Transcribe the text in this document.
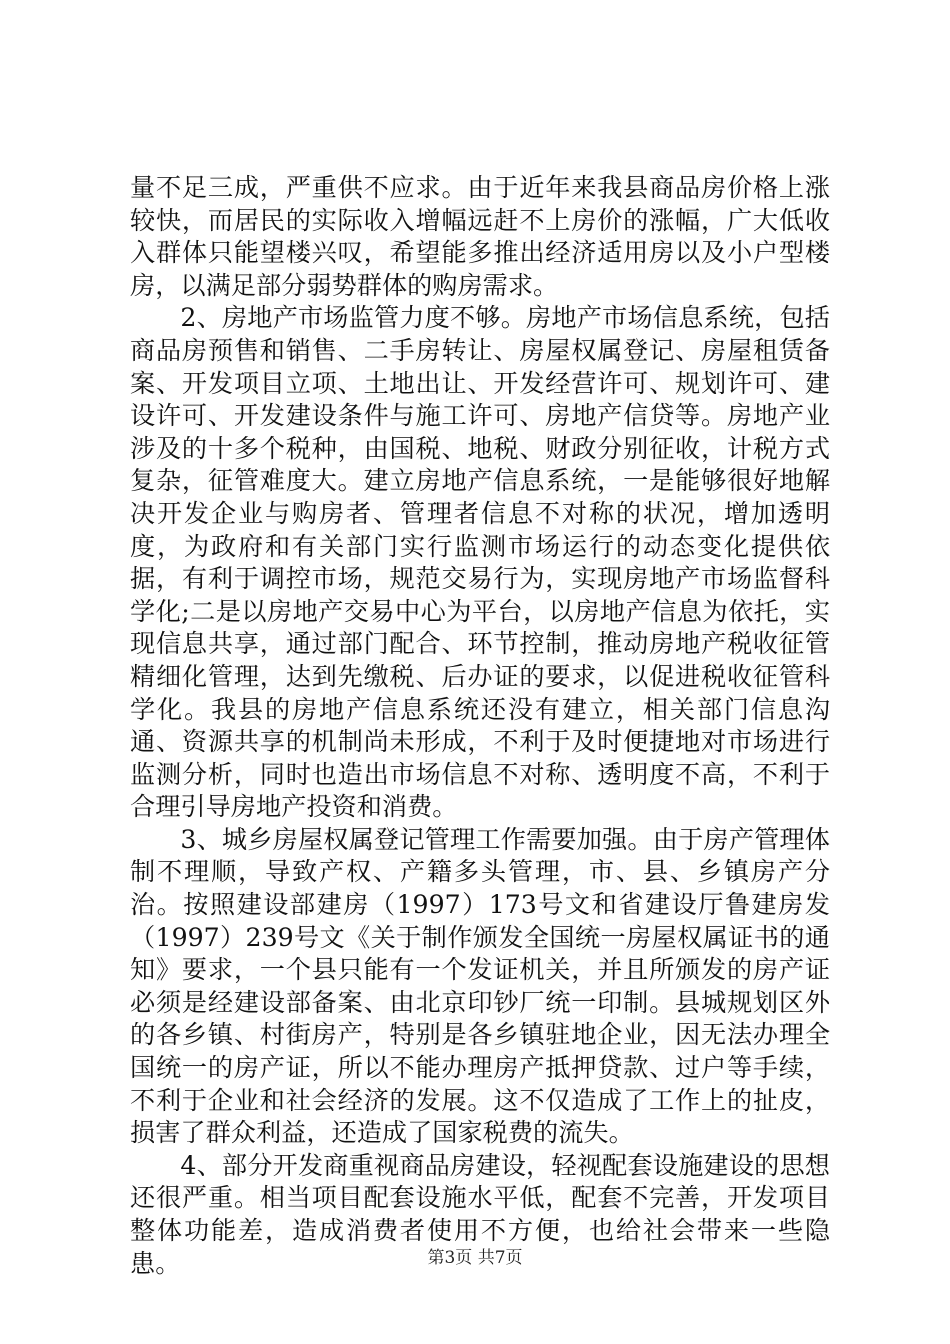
量不足三成，严重供不应求。由于近年来我县商品房价格上涨较快，而居民的实际收入增幅远赶不上房价的涨幅，广大低收入群体只能望楼兴叹，希望能多推出经济适用房以及小户型楼房，以满足部分弱势群体的购房需求。

2、房地产市场监管力度不够。房地产市场信息系统，包括商品房预售和销售、二手房转让、房屋权属登记、房屋租赁备案、开发项目立项、土地出让、开发经营许可、规划许可、建设许可、开发建设条件与施工许可、房地产信贷等。房地产业涉及的十多个税种，由国税、地税、财政分别征收，计税方式复杂，征管难度大。建立房地产信息系统，一是能够很好地解决开发企业与购房者、管理者信息不对称的状况，增加透明度，为政府和有关部门实行监测市场运行的动态变化提供依据，有利于调控市场，规范交易行为，实现房地产市场监督科学化;二是以房地产交易中心为平台，以房地产信息为依托，实现信息共享，通过部门配合、环节控制，推动房地产税收征管精细化管理，达到先缴税、后办证的要求，以促进税收征管科学化。我县的房地产信息系统还没有建立，相关部门信息沟通、资源共享的机制尚未形成，不利于及时便捷地对市场进行监测分析，同时也造出市场信息不对称、透明度不高，不利于合理引导房地产投资和消费。

3、城乡房屋权属登记管理工作需要加强。由于房产管理体制不理顺，导致产权、产籍多头管理，市、县、乡镇房产分治。按照建设部建房（1997）173号文和省建设厅鲁建房发（1997）239号文《关于制作颁发全国统一房屋权属证书的通知》要求，一个县只能有一个发证机关，并且所颁发的房产证必须是经建设部备案、由北京印钞厂统一印制。县城规划区外的各乡镇、村街房产，特别是各乡镇驻地企业，因无法办理全国统一的房产证，所以不能办理房产抵押贷款、过户等手续，不利于企业和社会经济的发展。这不仅造成了工作上的扯皮，损害了群众利益，还造成了国家税费的流失。

4、部分开发商重视商品房建设，轻视配套设施建设的思想还很严重。相当项目配套设施水平低，配套不完善，开发项目整体功能差，造成消费者使用不方便，也给社会带来一些隐患。	第3页 共7页
